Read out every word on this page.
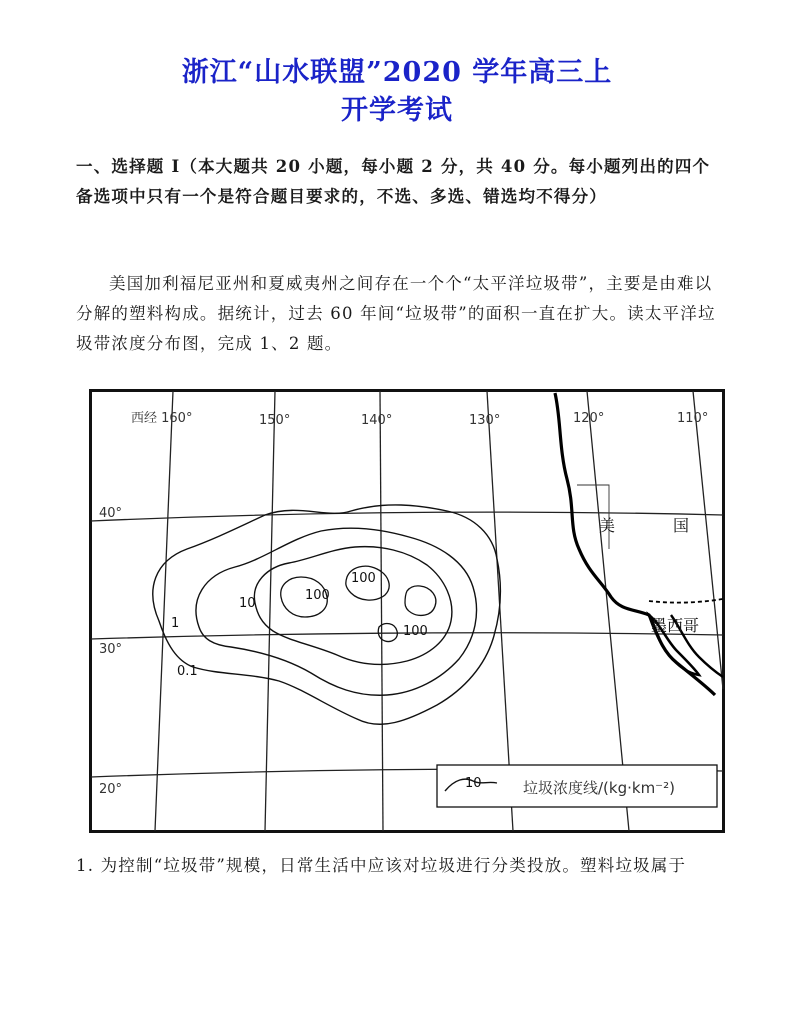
浙江“山水联盟”2020 学年高三上
开学考试
一、选择题 I（本大题共 20 小题，每小题 2 分，共 40 分。每小题列出的四个备选项中只有一个是符合题目要求的，不选、多选、错选均不得分）
美国加利福尼亚州和夏威夷州之间存在一个个“太平洋垃圾带”，主要是由难以分解的塑料构成。据统计，过去 60 年间“垃圾带”的面积一直在扩大。读太平洋垃圾带浓度分布图，完成 1、2 题。
西经 160°	150°	140°	130°	120°	110°
40°
30°
20°
美	国
墨西哥
1
0.1
10
100
100
100
10	垃圾浓度线/(kg·km⁻²)
1. 为控制“垃圾带”规模，日常生活中应该对垃圾进行分类投放。塑料垃圾属于
